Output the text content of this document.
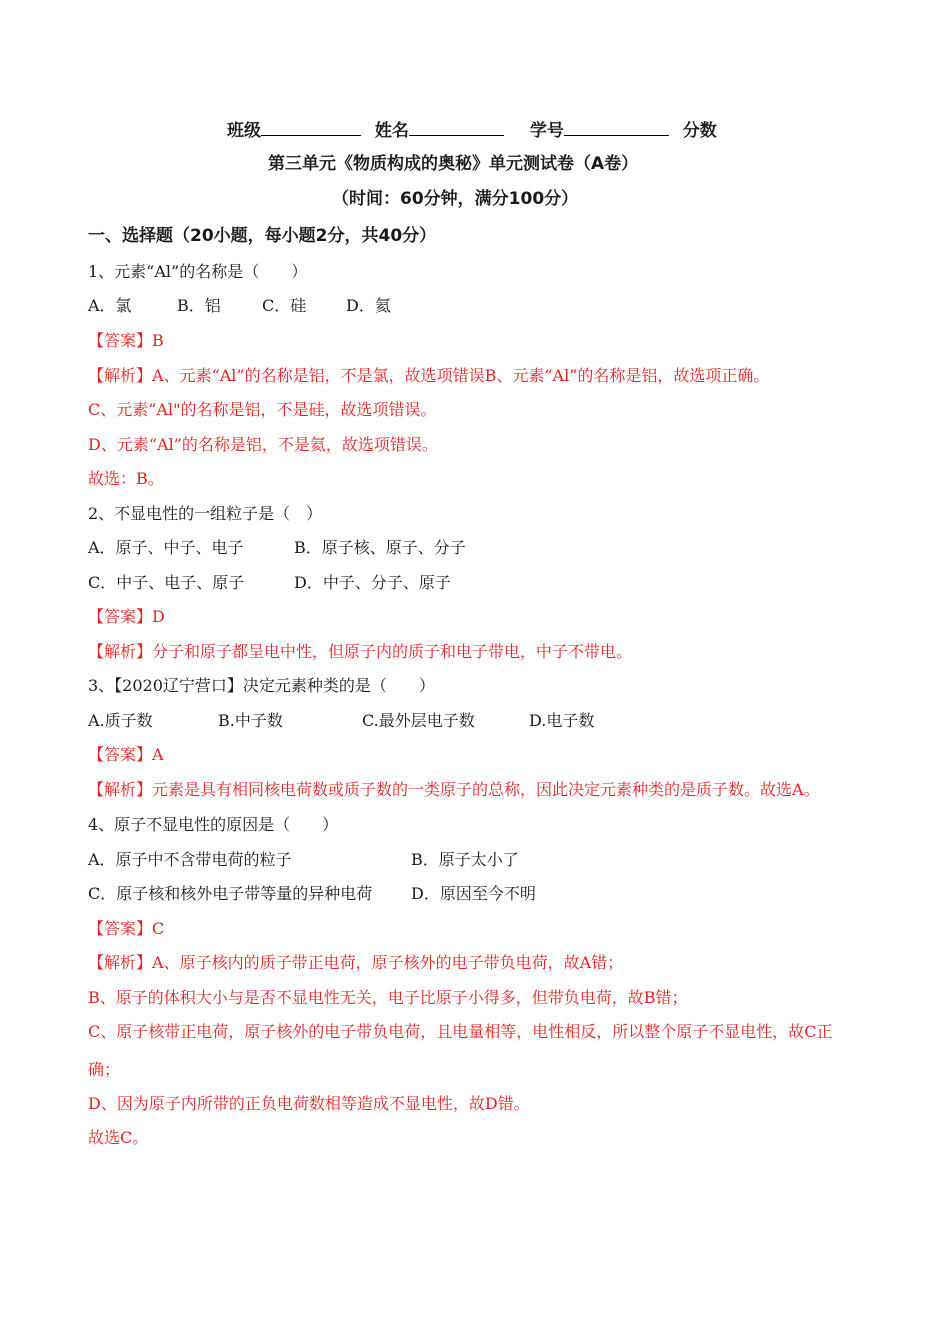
班级	姓名	学号	分数
第三单元《物质构成的奥秘》单元测试卷（A卷）
（时间：60分钟，满分100分）
一、选择题（20小题，每小题2分，共40分）
1、元素“Al”的名称是（　　）
A．氯	B．铝	C．硅 D．氦
【答案】B
【解析】A、元素“Al”的名称是铝，不是氯，故选项错误B、元素“Al”的名称是铝，故选项正确。
C、元素“Al"的名称是铝，不是硅，故选项错误。
D、元素“Al”的名称是铝，不是氦，故选项错误。
故选：B。
2、不显电性的一组粒子是（　）
A．原子、中子、电子	B．原子核、原子、分子
C．中子、电子、原子	D．中子、分子、原子
【答案】D
【解析】分子和原子都呈电中性，但原子内的质子和电子带电，中子不带电。
3、【2020辽宁营口】决定元素种类的是（　　）
A.质子数	B.中子数	C.最外层电子数	D.电子数
【答案】A
【解析】元素是具有相同核电荷数或质子数的一类原子的总称，因此决定元素种类的是质子数。故选A。
4、原子不显电性的原因是（　　）
A．原子中不含带电荷的粒子	B．原子太小了
C．原子核和核外电子带等量的异种电荷 D．原因至今不明
【答案】C
【解析】A、原子核内的质子带正电荷，原子核外的电子带负电荷，故A错；
B、原子的体积大小与是否不显电性无关，电子比原子小得多，但带负电荷，故B错；
C、原子核带正电荷，原子核外的电子带负电荷，且电量相等，电性相反，所以整个原子不显电性，故C正
确；
D、因为原子内所带的正负电荷数相等造成不显电性，故D错。
故选C。
